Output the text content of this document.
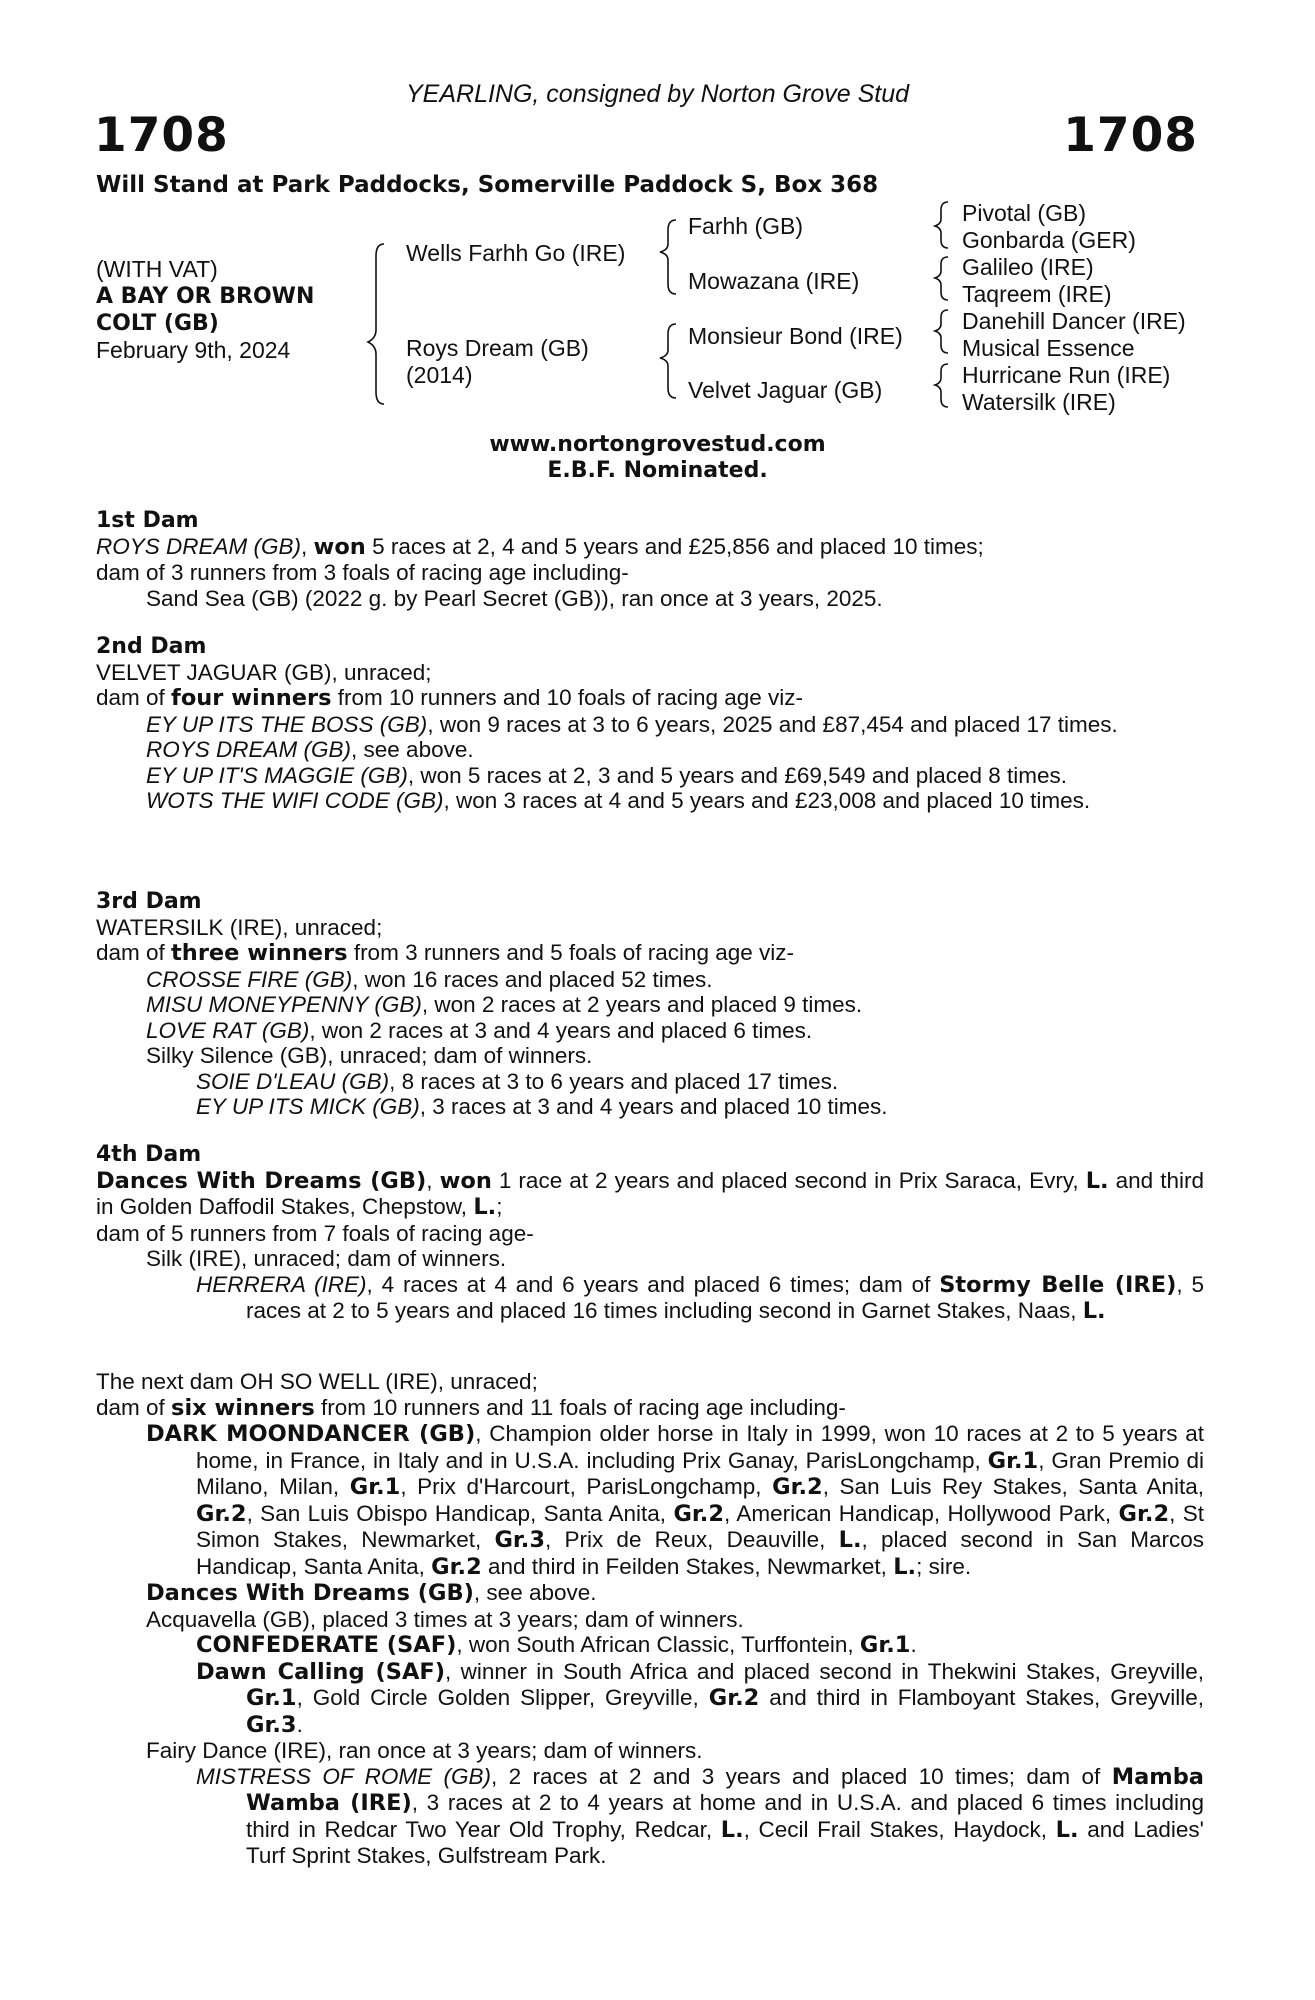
YEARLING, consigned by Norton Grove Stud
1708	1708
Will Stand at Park Paddocks, Somerville Paddock S, Box 368
(WITH VAT)
A BAY OR BROWN
COLT (GB)
February 9th, 2024
Wells Farhh Go (IRE)
Roys Dream (GB)
(2014)
Farhh (GB)
Mowazana (IRE)
Monsieur Bond (IRE)
Velvet Jaguar (GB)
Pivotal (GB)
Gonbarda (GER)
Galileo (IRE)
Taqreem (IRE)
Danehill Dancer (IRE)
Musical Essence
Hurricane Run (IRE)
Watersilk (IRE)
www.nortongrovestud.com
E.B.F. Nominated.

1st Dam

ROYS DREAM (GB), won 5 races at 2, 4 and 5 years and £25,856 and placed 10 times;

dam of 3 runners from 3 foals of racing age including-

Sand Sea (GB) (2022 g. by Pearl Secret (GB)), ran once at 3 years, 2025.

2nd Dam

VELVET JAGUAR (GB), unraced;

dam of four winners from 10 runners and 10 foals of racing age viz-

EY UP ITS THE BOSS (GB), won 9 races at 3 to 6 years, 2025 and £87,454 and placed 17 times.

ROYS DREAM (GB), see above.

EY UP IT'S MAGGIE (GB), won 5 races at 2, 3 and 5 years and £69,549 and placed 8 times.

WOTS THE WIFI CODE (GB), won 3 races at 4 and 5 years and £23,008 and placed 10 times.

3rd Dam

WATERSILK (IRE), unraced;

dam of three winners from 3 runners and 5 foals of racing age viz-

CROSSE FIRE (GB), won 16 races and placed 52 times.

MISU MONEYPENNY (GB), won 2 races at 2 years and placed 9 times.

LOVE RAT (GB), won 2 races at 3 and 4 years and placed 6 times.

Silky Silence (GB), unraced; dam of winners.

SOIE D'LEAU (GB), 8 races at 3 to 6 years and placed 17 times.

EY UP ITS MICK (GB), 3 races at 3 and 4 years and placed 10 times.

4th Dam

Dances With Dreams (GB), won 1 race at 2 years and placed second in Prix Saraca, Evry, L. and third in Golden Daffodil Stakes, Chepstow, L.;

dam of 5 runners from 7 foals of racing age-

Silk (IRE), unraced; dam of winners.

HERRERA (IRE), 4 races at 4 and 6 years and placed 6 times; dam of Stormy Belle (IRE), 5 races at 2 to 5 years and placed 16 times including second in Garnet Stakes, Naas, L.

The next dam OH SO WELL (IRE), unraced;

dam of six winners from 10 runners and 11 foals of racing age including-

DARK MOONDANCER (GB), Champion older horse in Italy in 1999, won 10 races at 2 to 5 years at home, in France, in Italy and in U.S.A. including Prix Ganay, ParisLongchamp, Gr.1, Gran Premio di Milano, Milan, Gr.1, Prix d'Harcourt, ParisLongchamp, Gr.2, San Luis Rey Stakes, Santa Anita, Gr.2, San Luis Obispo Handicap, Santa Anita, Gr.2, American Handicap, Hollywood Park, Gr.2, St Simon Stakes, Newmarket, Gr.3, Prix de Reux, Deauville, L., placed second in San Marcos Handicap, Santa Anita, Gr.2 and third in Feilden Stakes, Newmarket, L.; sire.

Dances With Dreams (GB), see above.

Acquavella (GB), placed 3 times at 3 years; dam of winners.

CONFEDERATE (SAF), won South African Classic, Turffontein, Gr.1.

Dawn Calling (SAF), winner in South Africa and placed second in Thekwini Stakes, Greyville, Gr.1, Gold Circle Golden Slipper, Greyville, Gr.2 and third in Flamboyant Stakes, Greyville, Gr.3.

Fairy Dance (IRE), ran once at 3 years; dam of winners.

MISTRESS OF ROME (GB), 2 races at 2 and 3 years and placed 10 times; dam of Mamba Wamba (IRE), 3 races at 2 to 4 years at home and in U.S.A. and placed 6 times including third in Redcar Two Year Old Trophy, Redcar, L., Cecil Frail Stakes, Haydock, L. and Ladies' Turf Sprint Stakes, Gulfstream Park.
